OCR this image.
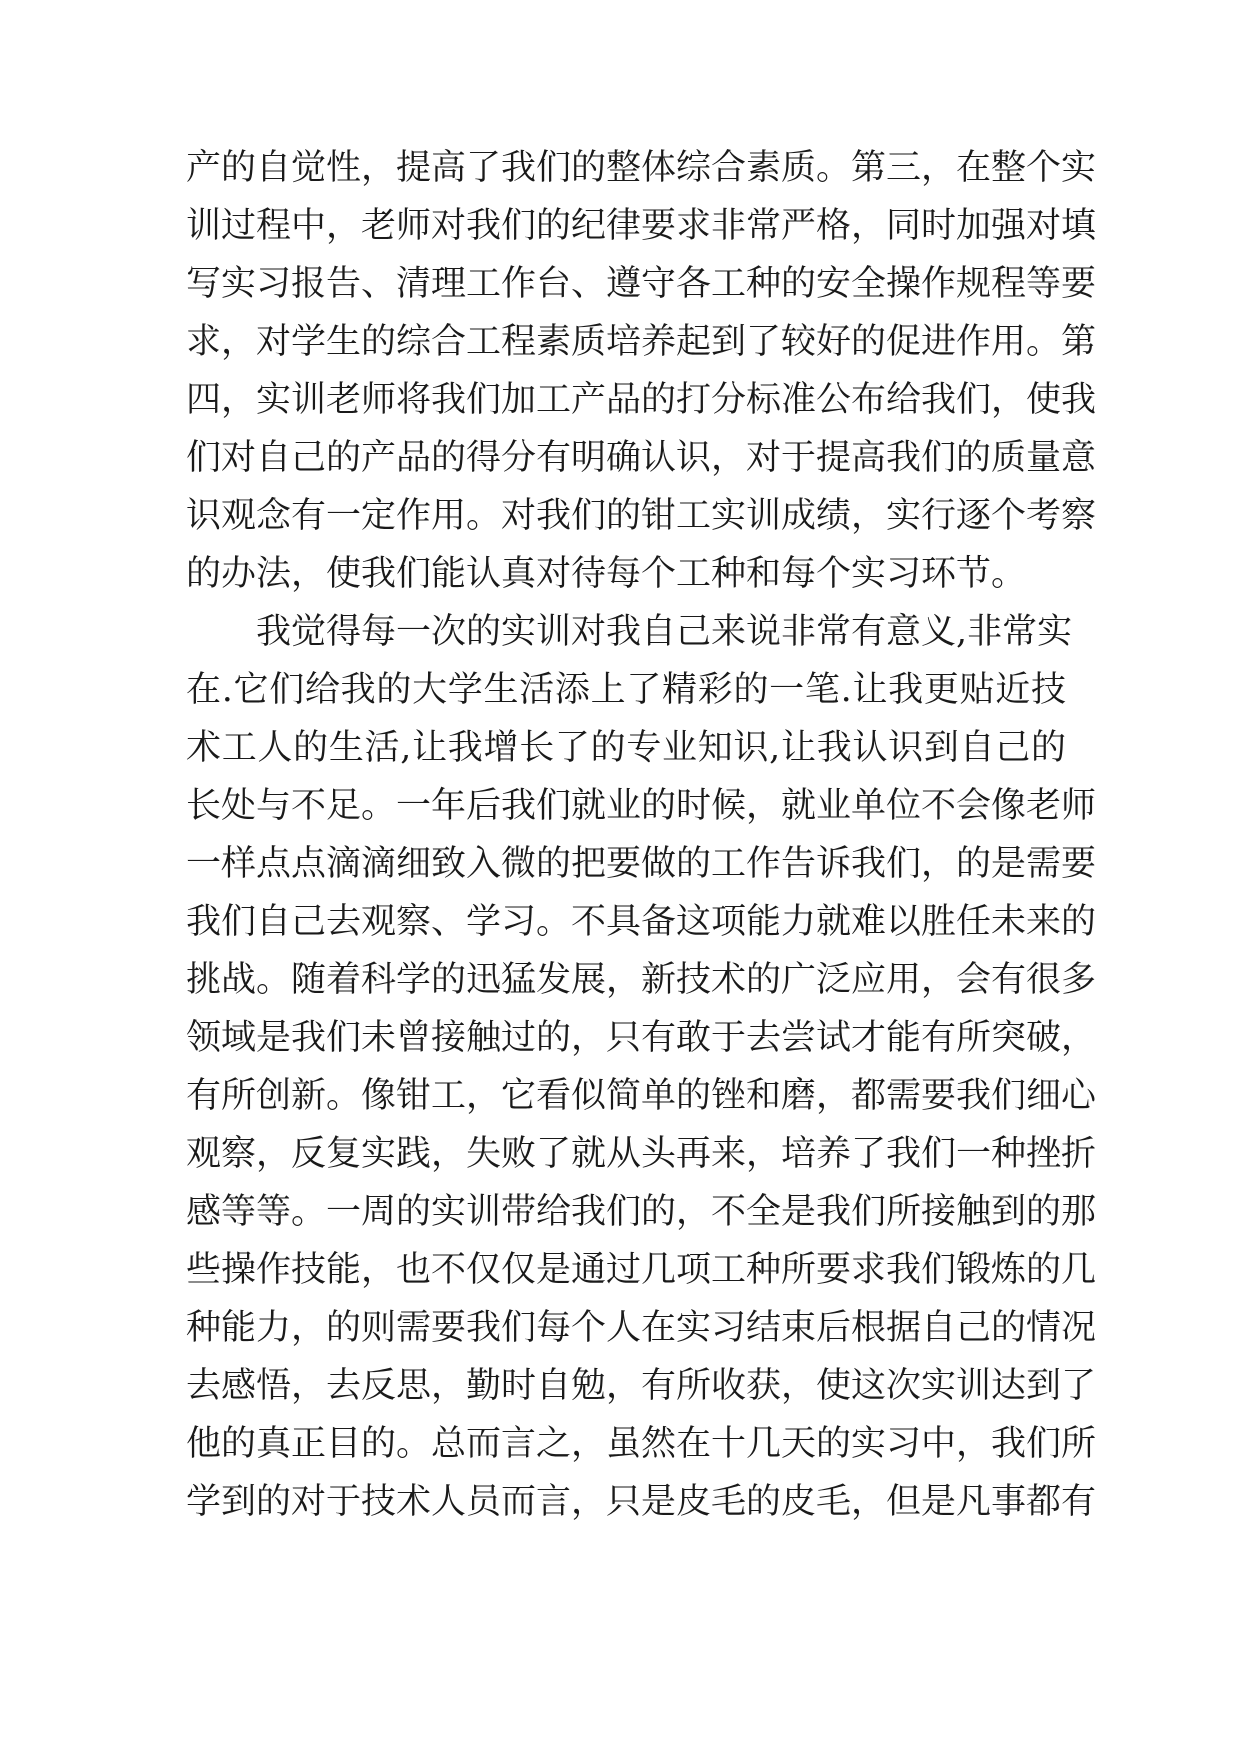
产的自觉性，提高了我们的整体综合素质。第三，在整个实
训过程中，老师对我们的纪律要求非常严格，同时加强对填
写实习报告、清理工作台、遵守各工种的安全操作规程等要
求，对学生的综合工程素质培养起到了较好的促进作用。第
四，实训老师将我们加工产品的打分标准公布给我们，使我
们对自己的产品的得分有明确认识，对于提高我们的质量意
识观念有一定作用。对我们的钳工实训成绩，实行逐个考察
的办法，使我们能认真对待每个工种和每个实习环节。
我觉得每一次的实训对我自己来说非常有意义,非常实
在.它们给我的大学生活添上了精彩的一笔.让我更贴近技
术工人的生活,让我增长了的专业知识,让我认识到自己的
长处与不足。一年后我们就业的时候，就业单位不会像老师
一样点点滴滴细致入微的把要做的工作告诉我们，的是需要
我们自己去观察、学习。不具备这项能力就难以胜任未来的
挑战。随着科学的迅猛发展，新技术的广泛应用，会有很多
领域是我们未曾接触过的，只有敢于去尝试才能有所突破，
有所创新。像钳工，它看似简单的锉和磨，都需要我们细心
观察，反复实践，失败了就从头再来，培养了我们一种挫折
感等等。一周的实训带给我们的，不全是我们所接触到的那
些操作技能，也不仅仅是通过几项工种所要求我们锻炼的几
种能力，的则需要我们每个人在实习结束后根据自己的情况
去感悟，去反思，勤时自勉，有所收获，使这次实训达到了
他的真正目的。总而言之，虽然在十几天的实习中，我们所
学到的对于技术人员而言，只是皮毛的皮毛，但是凡事都有
